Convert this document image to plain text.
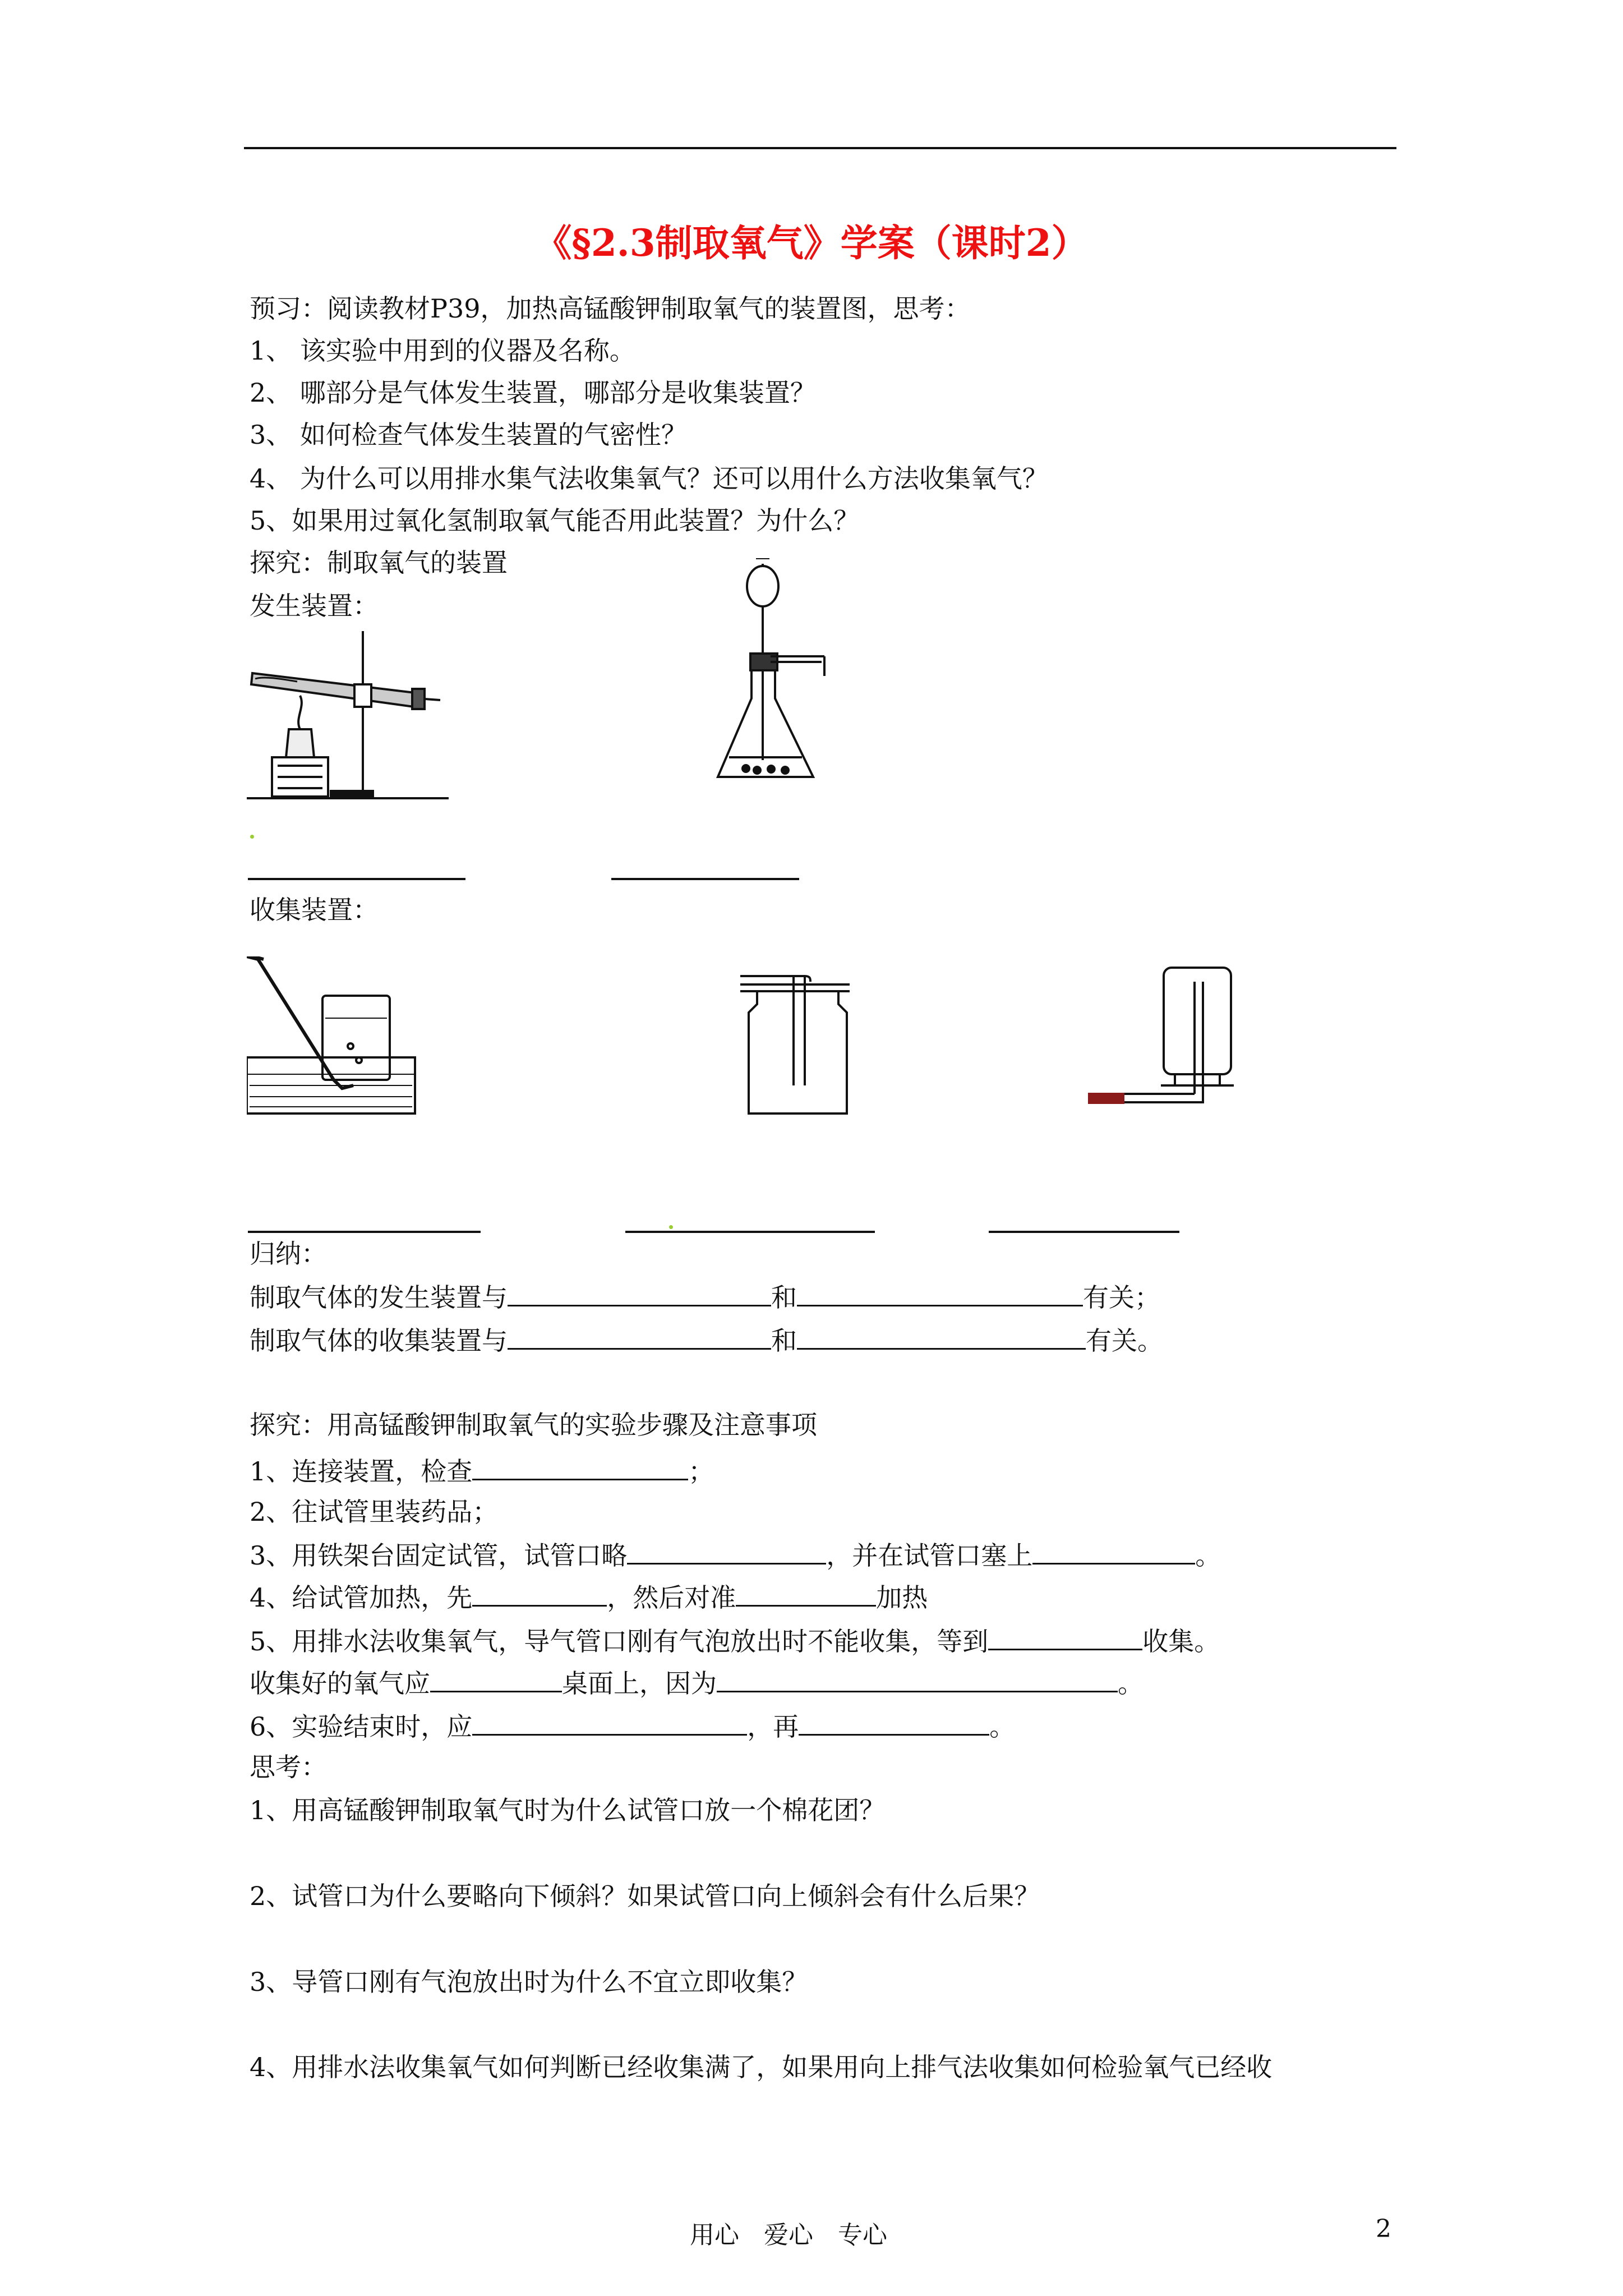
《§2.3制取氧气》学案（课时2）
预习：阅读教材P39，加热高锰酸钾制取氧气的装置图，思考：
1、 该实验中用到的仪器及名称。
2、 哪部分是气体发生装置，哪部分是收集装置？
3、 如何检查气体发生装置的气密性？
4、 为什么可以用排水集气法收集氧气？还可以用什么方法收集氧气？
5、如果用过氧化氢制取氧气能否用此装置？为什么？
探究：制取氧气的装置
发生装置：
收集装置：
归纳：
制取气体的发生装置与	和	有关；
制取气体的收集装置与	和	有关。
探究：用高锰酸钾制取氧气的实验步骤及注意事项
1、连接装置，检查	；
2、往试管里装药品；
3、用铁架台固定试管，试管口略	，并在试管口塞上	。
4、给试管加热，先	，然后对准	加热
5、用排水法收集氧气，导气管口刚有气泡放出时不能收集，等到	收集。
收集好的氧气应	桌面上，因为	。
6、实验结束时，应	，再	。
思考：
1、用高锰酸钾制取氧气时为什么试管口放一个棉花团？
2、试管口为什么要略向下倾斜？如果试管口向上倾斜会有什么后果？
3、导管口刚有气泡放出时为什么不宜立即收集？
4、用排水法收集氧气如何判断已经收集满了，如果用向上排气法收集如何检验氧气已经收
用心　爱心　专心	2
